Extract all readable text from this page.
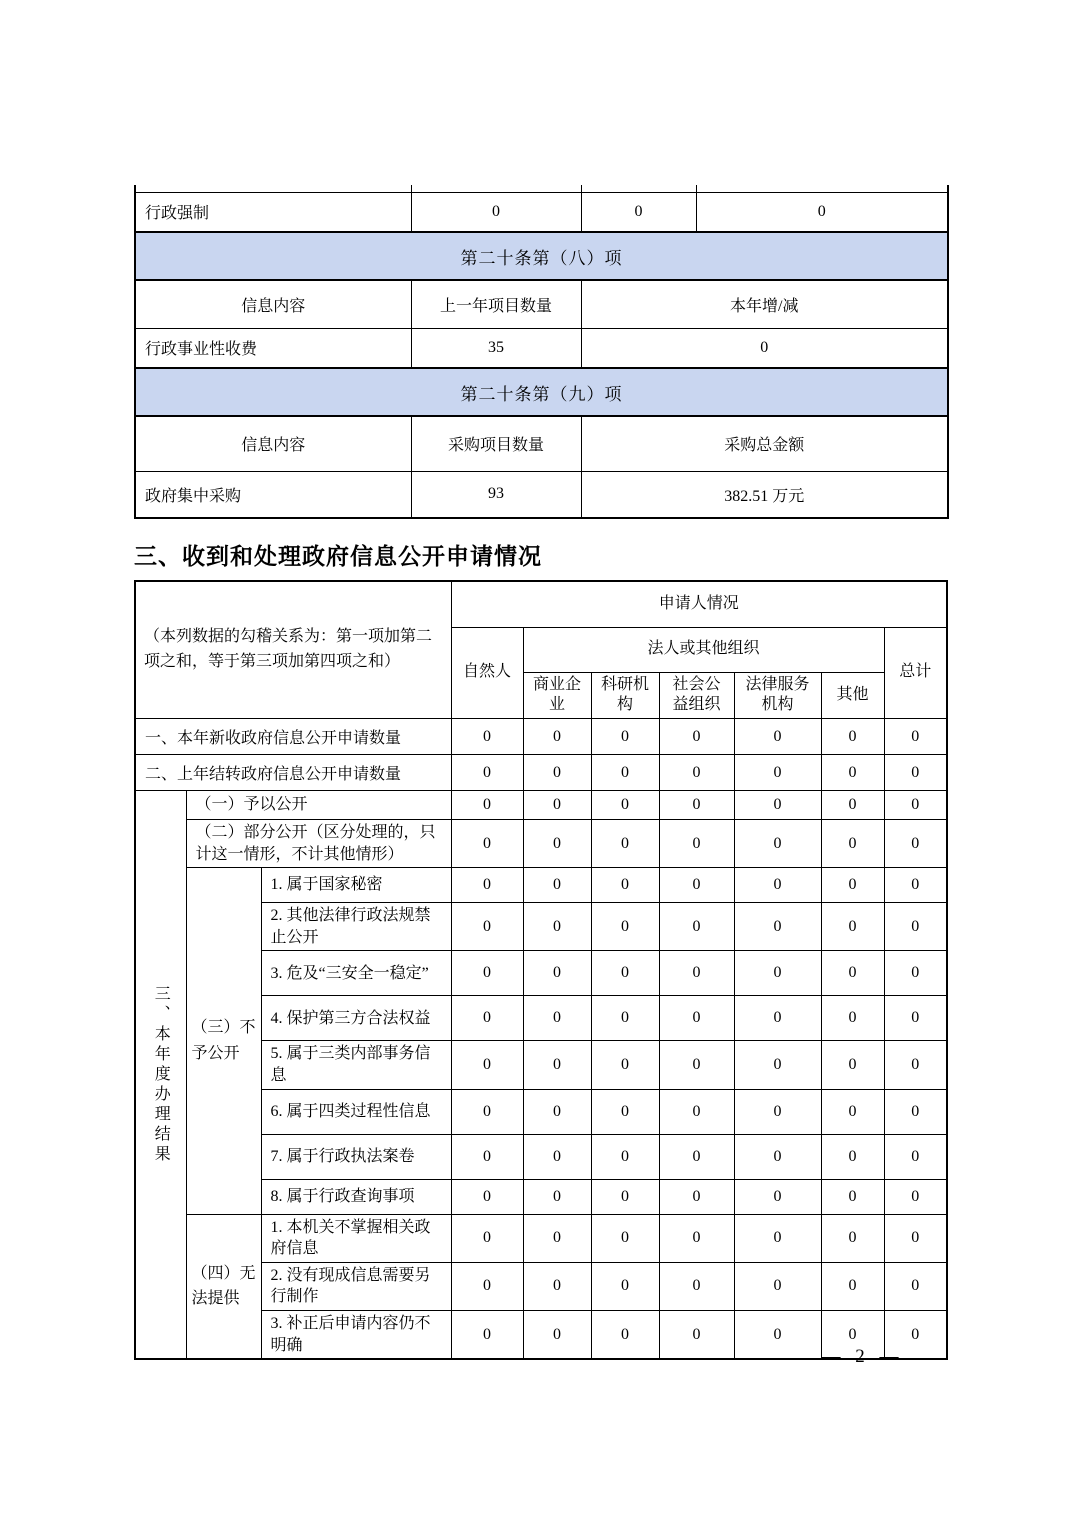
行政强制	0	0	0
第二十条第（八）项			
信息内容	上一年项目数量	本年增/减	
行政事业性收费	35	0	
第二十条第（九）项			
信息内容	采购项目数量	采购总金额	
政府集中采购	93	382.51 万元	
三、收到和处理政府信息公开申请情况
（本列数据的勾稽关系为：第一项加第二项之和，等于第三项加第四项之和）			申请人情况						
			自然人	法人或其他组织					总计
				商业企业	科研机构	社会公益组织	法律服务机构	其他	
一、本年新收政府信息公开申请数量			0	0	0	0	0	0	0
二、上年结转政府信息公开申请数量			0	0	0	0	0	0	0
三、本年度办理结果	（一）予以公开		0	0	0	0	0	0	0
	（二）部分公开（区分处理的，只计这一情形，不计其他情形）		0	0	0	0	0	0	0
	（三）不予公开	1. 属于国家秘密	0	0	0	0	0	0	0
		2. 其他法律行政法规禁止公开	0	0	0	0	0	0	0
		3. 危及“三安全一稳定”	0	0	0	0	0	0	0
		4. 保护第三方合法权益	0	0	0	0	0	0	0
		5. 属于三类内部事务信息	0	0	0	0	0	0	0
		6. 属于四类过程性信息	0	0	0	0	0	0	0
		7. 属于行政执法案卷	0	0	0	0	0	0	0
		8. 属于行政查询事项	0	0	0	0	0	0	0
	（四）无法提供	1. 本机关不掌握相关政府信息	0	0	0	0	0	0	0
		2. 没有现成信息需要另行制作	0	0	0	0	0	0	0
		3. 补正后申请内容仍不明确	0	0	0	0	0	0	0
— 2 —
